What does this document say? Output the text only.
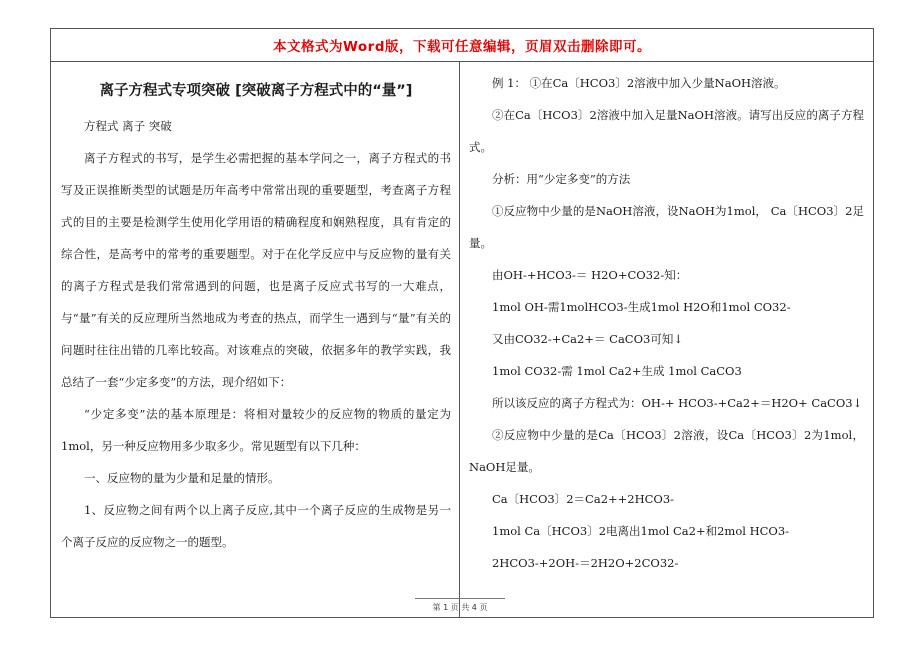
本文格式为Word版，下载可任意编辑，页眉双击删除即可。
离子方程式专项突破 [突破离子方程式中的“量”]

方程式 离子 突破

离子方程式的书写，是学生必需把握的基本学问之一，离子方程式的书写及正误推断类型的试题是历年高考中常常出现的重要题型，考查离子方程式的目的主要是检测学生使用化学用语的精确程度和娴熟程度，具有肯定的综合性，是高考中的常考的重要题型。对于在化学反应中与反应物的量有关的离子方程式是我们常常遇到的问题，也是离子反应式书写的一大难点，与“量”有关的反应理所当然地成为考查的热点，而学生一遇到与“量”有关的问题时往往出错的几率比较高。对该难点的突破，依据多年的教学实践，我总结了一套“少定多变”的方法，现介绍如下：

“少定多变”法的基本原理是：将相对量较少的反应物的物质的量定为1mol，另一种反应物用多少取多少。常见题型有以下几种：

一、反应物的量为少量和足量的情形。

1、反应物之间有两个以上离子反应,其中一个离子反应的生成物是另一个离子反应的反应物之一的题型。

例 1： ①在Ca〔HCO3〕2溶液中加入少量NaOH溶液。

②在Ca〔HCO3〕2溶液中加入足量NaOH溶液。请写出反应的离子方程式。

分析：用“少定多变”的方法

①反应物中少量的是NaOH溶液，设NaOH为1mol， Ca〔HCO3〕2足量。

由OH-+HCO3-＝ H2O+CO32-知：

1mol OH-需1molHCO3-生成1mol H2O和1mol CO32-

又由CO32-+Ca2+＝ CaCO3可知↓

1mol CO32-需 1mol Ca2+生成 1mol CaCO3

所以该反应的离子方程式为：OH-+ HCO3-+Ca2+＝H2O+ CaCO3↓

②反应物中少量的是Ca〔HCO3〕2溶液，设Ca〔HCO3〕2为1mol，NaOH足量。

Ca〔HCO3〕2＝Ca2++2HCO3-

1mol Ca〔HCO3〕2电离出1mol Ca2+和2mol HCO3-

2HCO3-+2OH-＝2H2O+2CO32-

第 1 页 共 4 页
